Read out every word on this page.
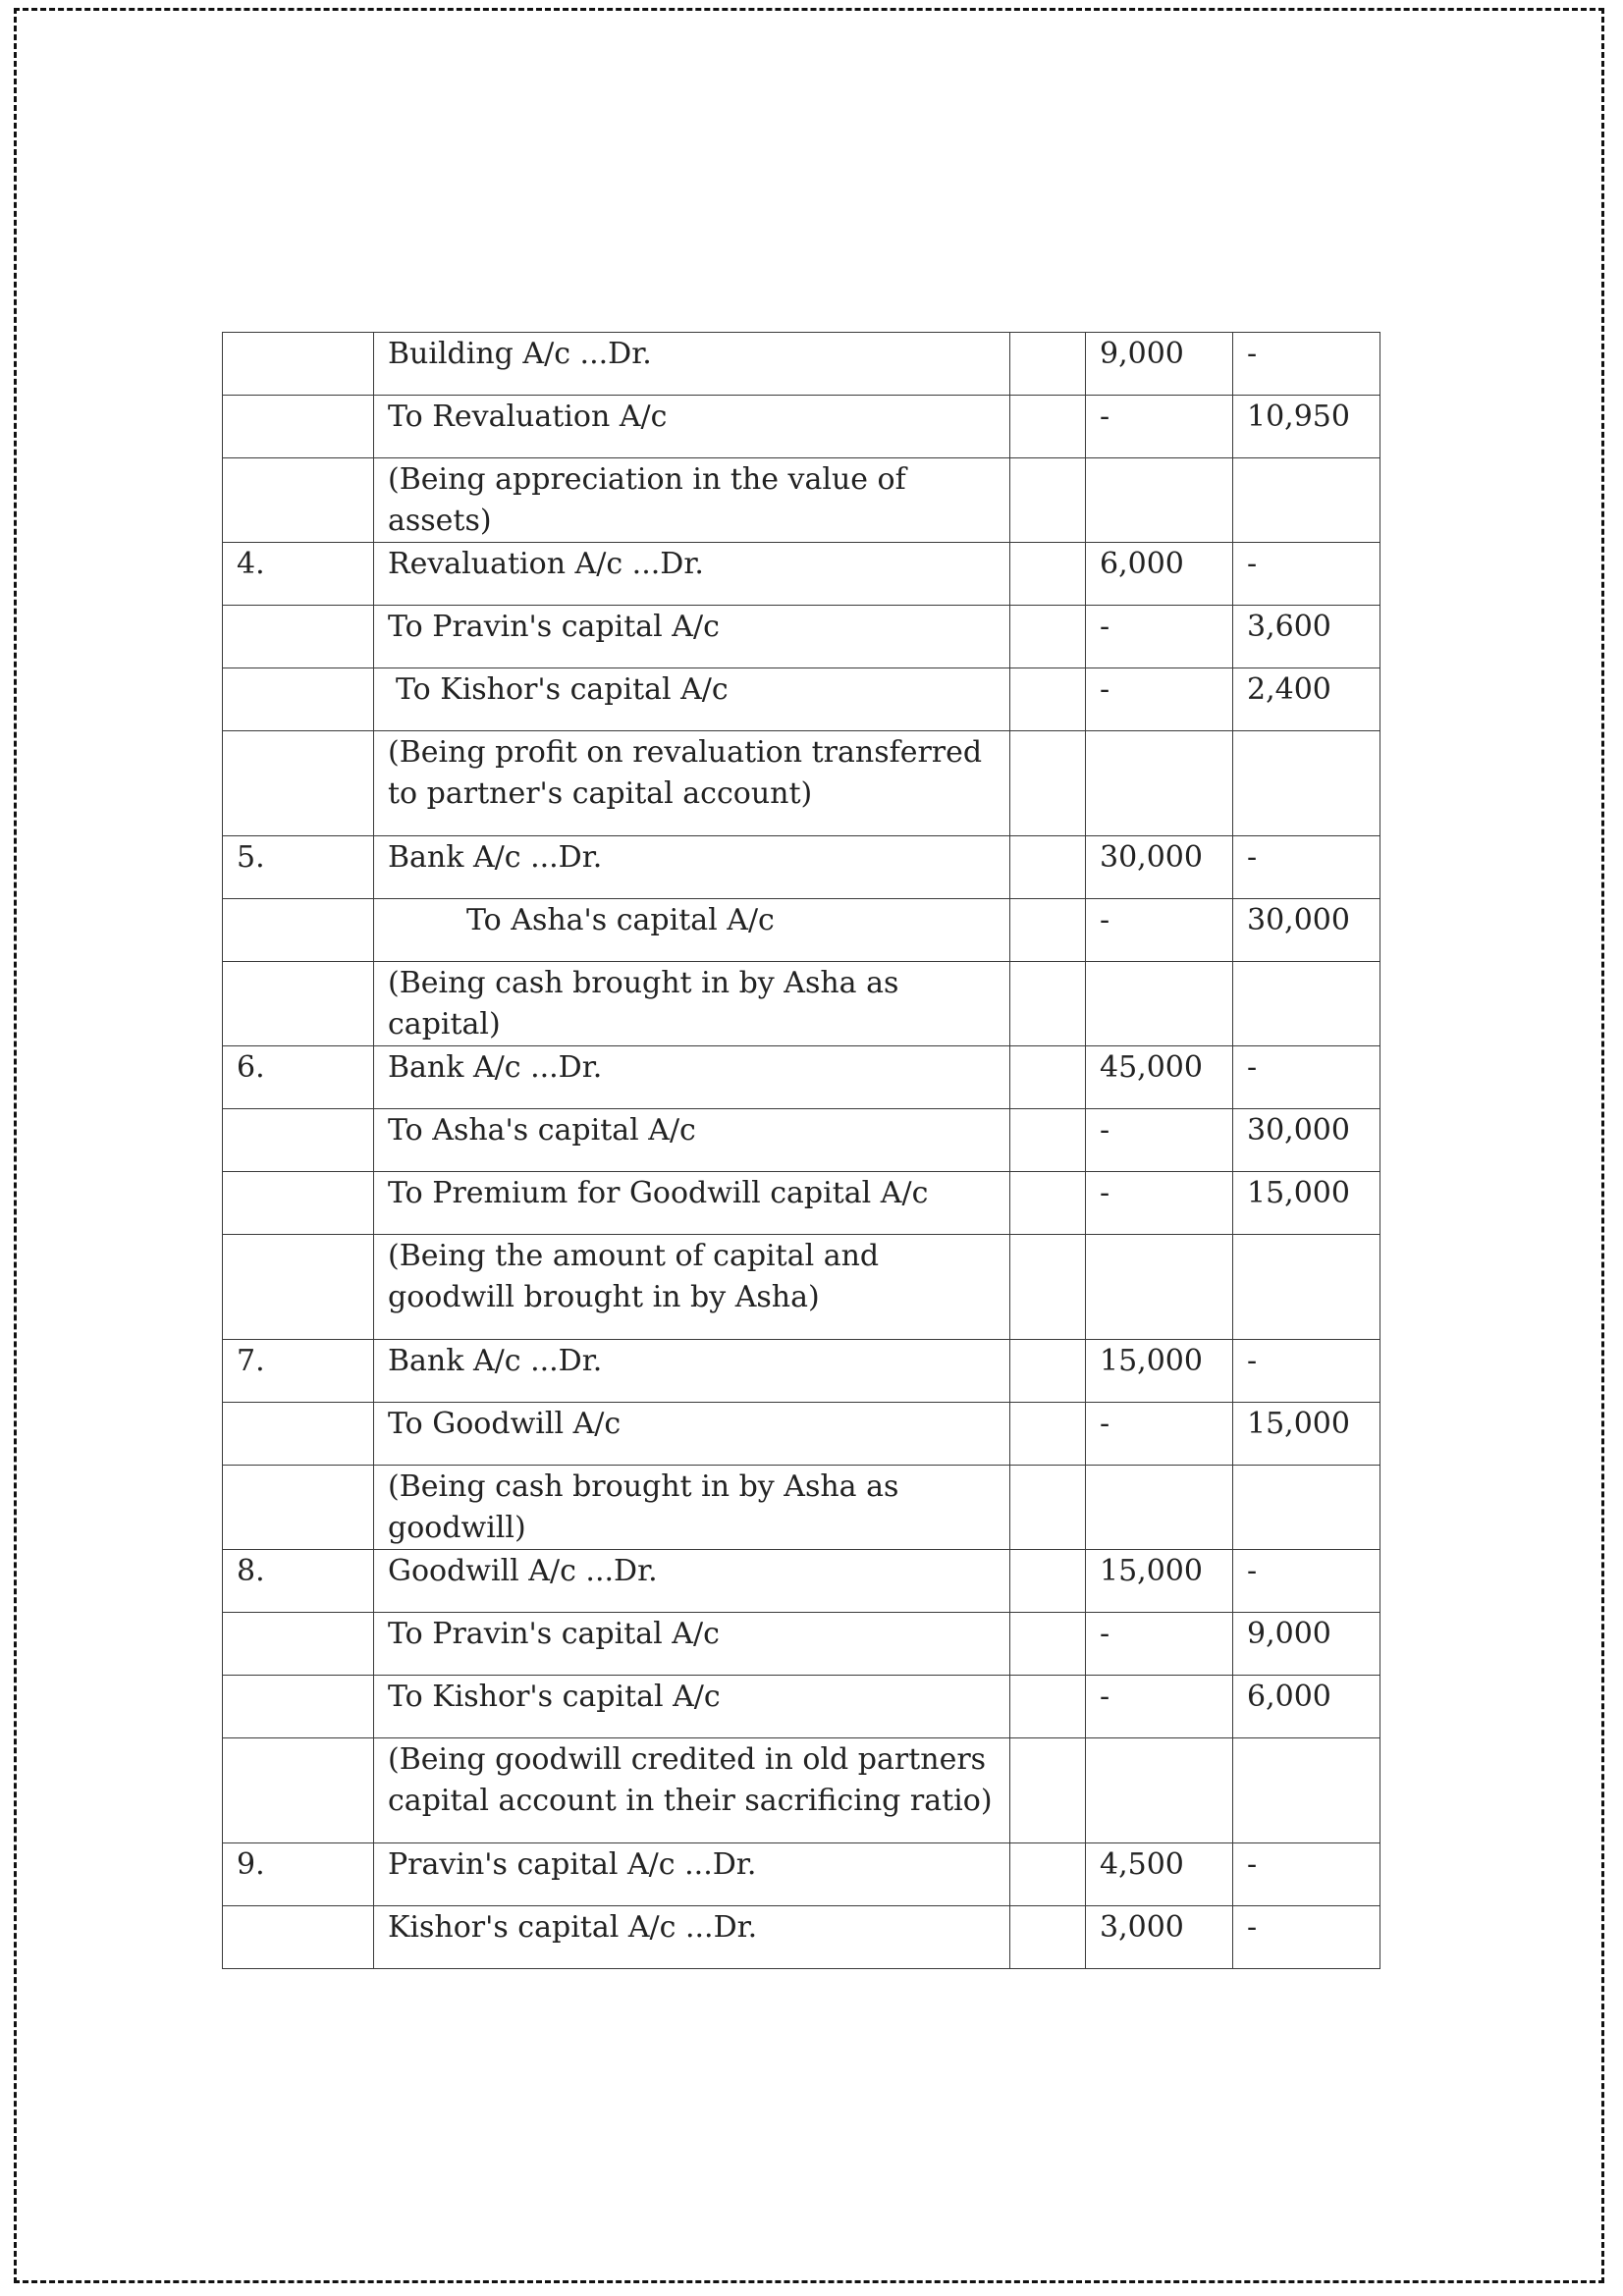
	Building A/c ...Dr.		9,000	-

	To Revaluation A/c		-	10,950

	(Being appreciation in the value of assets)			

4.	Revaluation A/c ...Dr.		6,000	-

	To Pravin's capital A/c		-	3,600

	To Kishor's capital A/c		-	2,400

	(Being profit on revaluation transferred to partner's capital account)			

5.	Bank A/c ...Dr.		30,000	-

	To Asha's capital A/c		-	30,000

	(Being cash brought in by Asha as capital)			

6.	Bank A/c ...Dr.		45,000	-

	To Asha's capital A/c		-	30,000

	To Premium for Goodwill capital A/c		-	15,000

	(Being the amount of capital and goodwill brought in by Asha)			

7.	Bank A/c ...Dr.		15,000	-

	To Goodwill A/c		-	15,000

	(Being cash brought in by Asha as goodwill)			

8.	Goodwill A/c ...Dr.		15,000	-

	To Pravin's capital A/c		-	9,000

	To Kishor's capital A/c		-	6,000

	(Being goodwill credited in old partners capital account in their sacrificing ratio)			

9.	Pravin's capital A/c ...Dr.		4,500	-

	Kishor's capital A/c ...Dr.		3,000	-
